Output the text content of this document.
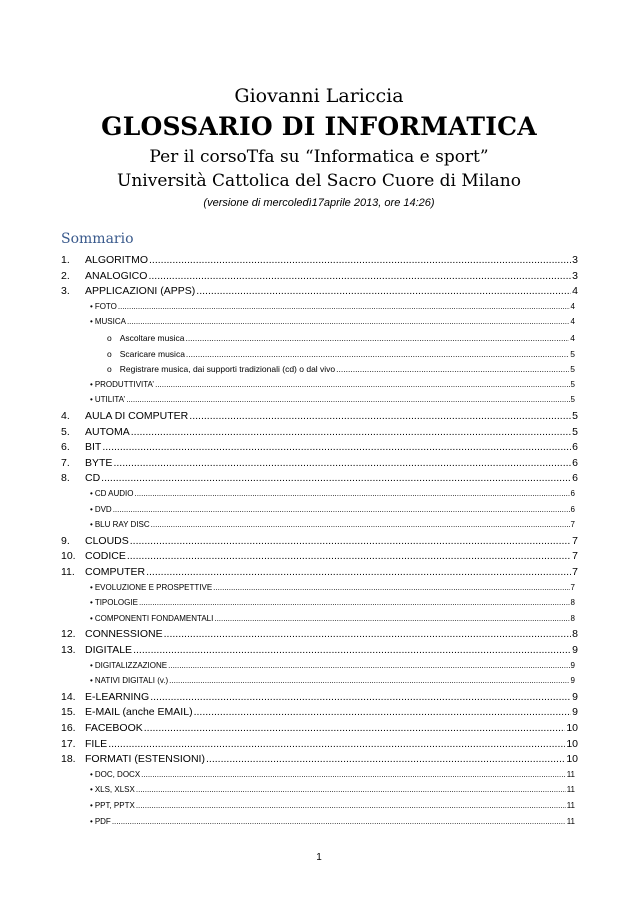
Giovanni Lariccia
GLOSSARIO DI INFORMATICA
Per il corsoTfa su “Informatica e sport”
Università Cattolica del Sacro Cuore di Milano
(versione di mercoledì17aprile 2013, ore 14:26)
Sommario
1. ALGORITMO .....	3
2. ANALOGICO .....	3
3. APPLICAZIONI (APPS) .....	4
• FOTO .....	4
• MUSICA .....	4
o Ascoltare musica .....	4
o Scaricare musica .....	5
o Registrare musica, dai supporti tradizionali (cd) o dal vivo .....	5
• PRODUTTIVITA’ .....	5
• UTILITA’ .....	5
4. AULA DI COMPUTER .....	5
5. AUTOMA .....	5
6. BIT .....	6
7. BYTE .....	6
8. CD .....	6
• CD AUDIO .....	6
• DVD .....	6
• BLU RAY DISC .....	7
9. CLOUDS .....	7
10. CODICE .....	7
11. COMPUTER .....	7
• EVOLUZIONE E PROSPETTIVE .....	7
• TIPOLOGIE .....	8
• COMPONENTI FONDAMENTALI .....	8
12. CONNESSIONE .....	8
13. DIGITALE .....	9
• DIGITALIZZAZIONE .....	9
• NATIVI DIGITALI (v.) .....	9
14. E-LEARNING .....	9
15. E-MAIL (anche EMAIL) .....	9
16. FACEBOOK .....	10
17. FILE .....	10
18. FORMATI (ESTENSIONI) .....	10
• DOC, DOCX .....	11
• XLS, XLSX .....	11
• PPT, PPTX .....	11
• PDF .....	11
1
